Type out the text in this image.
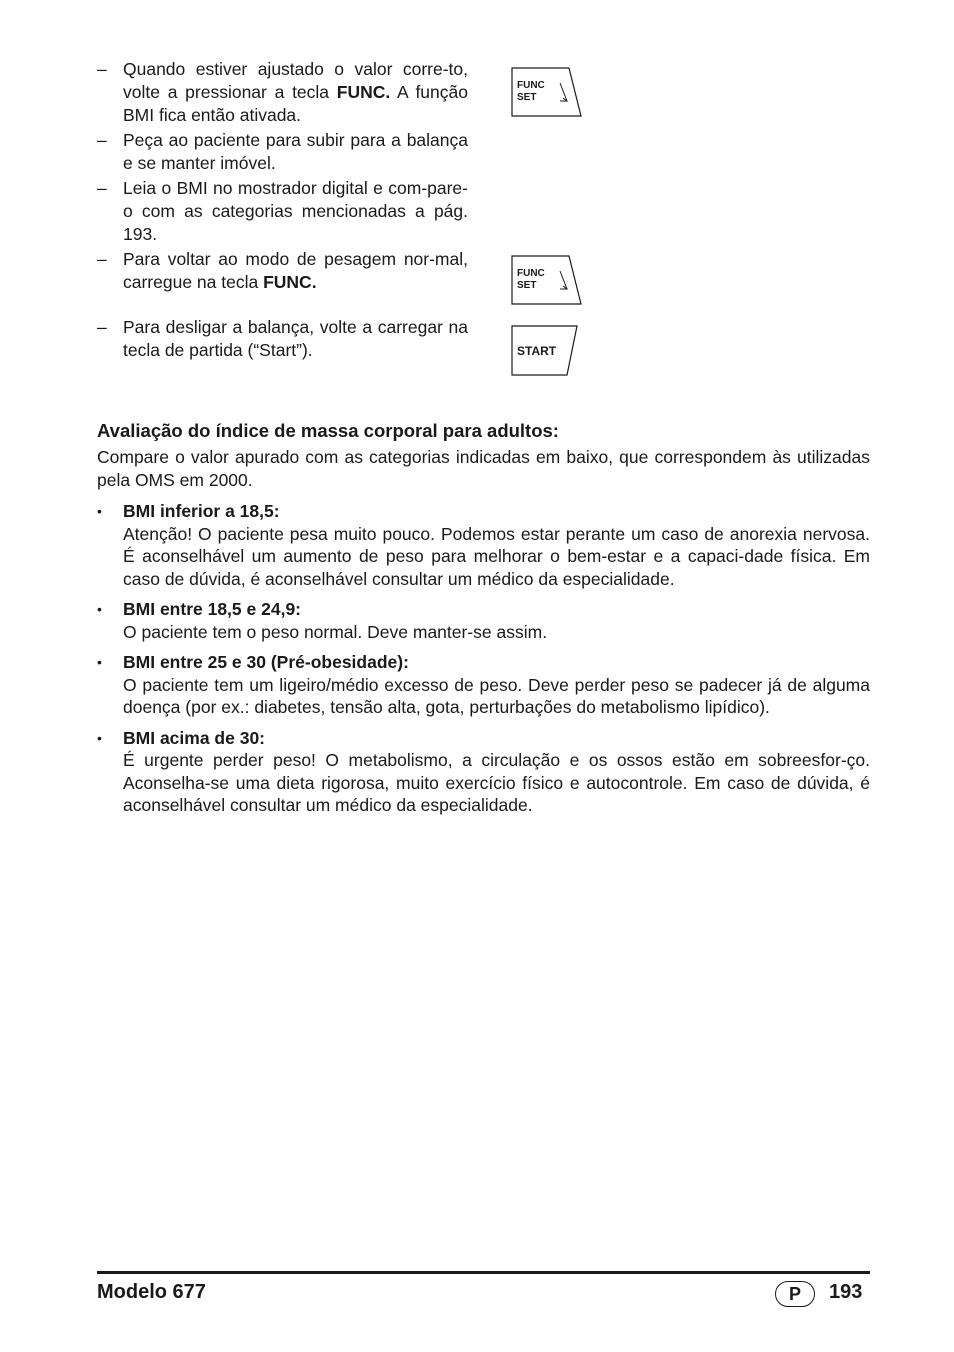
– Quando estiver ajustado o valor corre-to, volte a pressionar a tecla FUNC. A função BMI fica então ativada.
– Peça ao paciente para subir para a balança e se manter imóvel.
– Leia o BMI no mostrador digital e com-pare-o com as categorias mencionadas a pág. 193.
– Para voltar ao modo de pesagem nor-mal, carregue na tecla FUNC.
– Para desligar a balança, volte a carregar na tecla de partida (“Start”).
FUNC
SET
FUNC
SET
START
Avaliação do índice de massa corporal para adultos:
Compare o valor apurado com as categorias indicadas em baixo, que correspondem às utilizadas pela OMS em 2000.
•	BMI inferior a 18,5:
Atenção! O paciente pesa muito pouco. Podemos estar perante um caso de anorexia nervosa. É aconselhável um aumento de peso para melhorar o bem-estar e a capaci-dade física. Em caso de dúvida, é aconselhável consultar um médico da especialidade.
•	BMI entre 18,5 e 24,9:
O paciente tem o peso normal. Deve manter-se assim.
•	BMI entre 25 e 30 (Pré-obesidade):
O paciente tem um ligeiro/médio excesso de peso. Deve perder peso se padecer já de alguma doença (por ex.: diabetes, tensão alta, gota, perturbações do metabolismo lipídico).
•	BMI acima de 30:
É urgente perder peso! O metabolismo, a circulação e os ossos estão em sobreesfor-ço. Aconselha-se uma dieta rigorosa, muito exercício físico e autocontrole. Em caso de dúvida, é aconselhável consultar um médico da especialidade.
Modelo 677	P	193
